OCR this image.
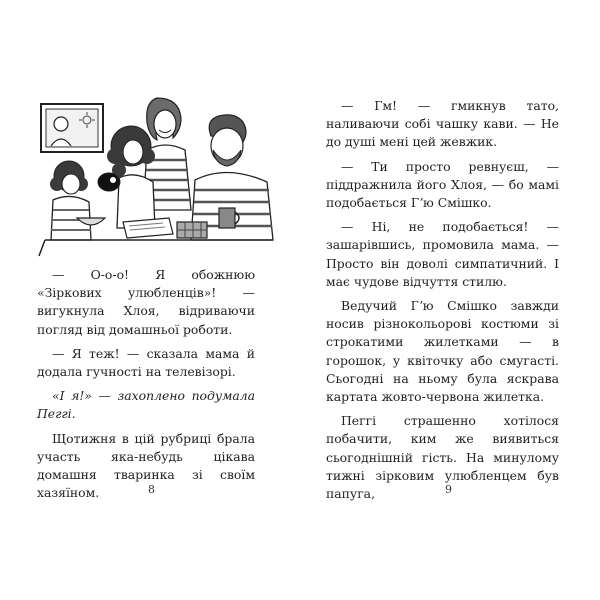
— О-о-о! Я обожнюю «Зіркових улюбленців»! — вигукнула Хлоя, відриваючи погляд від домашньої роботи.

— Я теж! — сказала мама й додала гучності на телевізорі.

«І я!» — захоплено подумала Пеггі.

Щотижня в цій рубриці брала участь яка-небудь цікава домашня тваринка зі своїм хазяїном.	8

— Гм! — гмикнув тато, наливаючи собі чашку кави. — Не до душі мені цей жевжик.

— Ти просто ревнуєш, — піддражнила його Хлоя, — бо мамі подобається Гʼю Смішко.

— Ні, не подобається! — зашарівшись, промовила мама. — Просто він доволі симпатичний. І має чудове відчуття стилю.

Ведучий Гʼю Смішко завжди носив різнокольорові костюми зі строкатими жилетками — в горошок, у квіточку або смугасті. Сьогодні на ньому була яскрава картата жовто-червона жилетка.

Пеггі страшенно хотілося побачити, ким же виявиться сьогоднішній гість. На минулому тижні зірковим улюбленцем був папуга,	9
